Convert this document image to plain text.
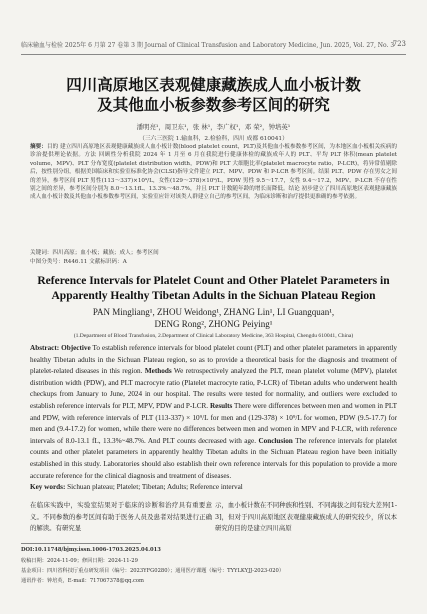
临床输血与检验 2025年 6 月第 27 卷第 3 期 Journal of Clinical Transfusion and Laboratory Medicine, Jun. 2025, Vol. 27, No. 3
723
四川高原地区表观健康藏族成人血小板计数
及其他血小板参数参考区间的研究
潘明亮¹，周卫东¹，张 林¹，李广权¹，邓 荣²，钟培英¹
（三六三医院 1.输血科，2.检验科，四川 成都 610041）
摘要：目的 建立四川高原地区表观健康藏族成人血小板计数(blood platelet count，PLT)及其他血小板参数参考区间，为本地区血小板相关疾病的诊治提供理论依据。方法 回顾性分析我院 2024 年 1 月至 6 月在我院进行健康体检的藏族成年人的 PLT、平均 PLT 体积(mean platelet volume，MPV)、PLT 分布宽度(platelet distribution width，PDW)和 PLT 大细胞比率(platelet macrocyte ratio，P-LCR)，将异常值剔除后，按性别分组，根据美国临床和实验室标准化协会(CLSI)指导文件建立 PLT、MPV、PDW 和 P-LCR 参考区间。结果 PLT、PDW 存在男女之间的差异，参考区间 PLT 男性(113～337)×10⁹/L，女性(129～378)×10⁹/L，PDW 男性 9.5～17.7，女性 9.4～17.2，MPV、P-LCR 不存在性别之间的差异，参考区间分别为 8.0～13.1fL、13.3%～48.7%，并且 PLT 计数随年龄的增长而降低。结论 初步建立了四川高原地区表观健康藏族成人血小板计数及其他血小板参数参考区间，实验室应针对该类人群建立自己的参考区间，为临床诊断和治疗提供更准确的参考依据。
关键词：四川高原；血小板；藏族；成人；参考区间
中图分类号：R446.11 文献标识码：A
Reference Intervals for Platelet Count and Other Platelet Parameters in
Apparently Healthy Tibetan Adults in the Sichuan Plateau Region
PAN Mingliang¹, ZHOU Weidong¹, ZHANG Lin¹, LI Guangquan¹,
DENG Rong², ZHONG Peiying¹
(1.Department of Blood Transfusion, 2.Department of Clinical Laboratory Medicine, 363 Hospital, Chengdu 610041, China)
Abstract: Objective To establish reference intervals for blood platelet count (PLT) and other platelet parameters in apparently healthy Tibetan adults in the Sichuan Plateau region, so as to provide a theoretical basis for the diagnosis and treatment of platelet-related diseases in this region. Methods We retrospectively analyzed the PLT, mean platelet volume (MPV), platelet distribution width (PDW), and PLT macrocyte ratio (Platelet macrocyte ratio, P-LCR) of Tibetan adults who underwent health checkups from January to June, 2024 in our hospital. The results were tested for normality, and outliers were excluded to establish reference intervals for PLT, MPV, PDW and P-LCR. Results There were differences between men and women in PLT and PDW, with reference intervals of PLT (113-337) × 10⁹/L for men and (129-378) × 10⁹/L for women, PDW (9.5-17.7) for men and (9.4-17.2) for women, while there were no differences between men and women in MPV and P-LCR, with reference intervals of 8.0-13.1 fL, 13.3%~48.7%. And PLT counts decreased with age. Conclusion The reference intervals for platelet counts and other platelet parameters in apparently healthy Tibetan adults in the Sichuan Plateau region have been initially established in this study. Laboratories should also establish their own reference intervals for this population to provide a more accurate reference for the clinical diagnosis and treatment of diseases.
Key words: Sichuan plateau; Platelet; Tibetan; Adults; Reference interval
在临床实践中，实验室结果对于临床的诊断和治疗具有重要意义。不同参数的参考区间有助于医务人员及患者对结果进行正确的解读。有研究显
示，血小板计数在不同种族和性别、不同海拔之间有较大差异[1-3]，但对于四川高原地区表观健康藏族成人的研究较少，所以本研究的目的是建立四川高原
DOI:10.11748/bjmy.issn.1006-1703.2025.04.013
收稿日期：2024-11-09；修回日期：2024-11-29
基金项目：四川省科技厅重点研发项目（编号：2023YFG0280）；通用医疗课题（编号：TYYLKYJJ-2023-020）
通讯作者：钟培英，E-mail：717067378@qq.com
